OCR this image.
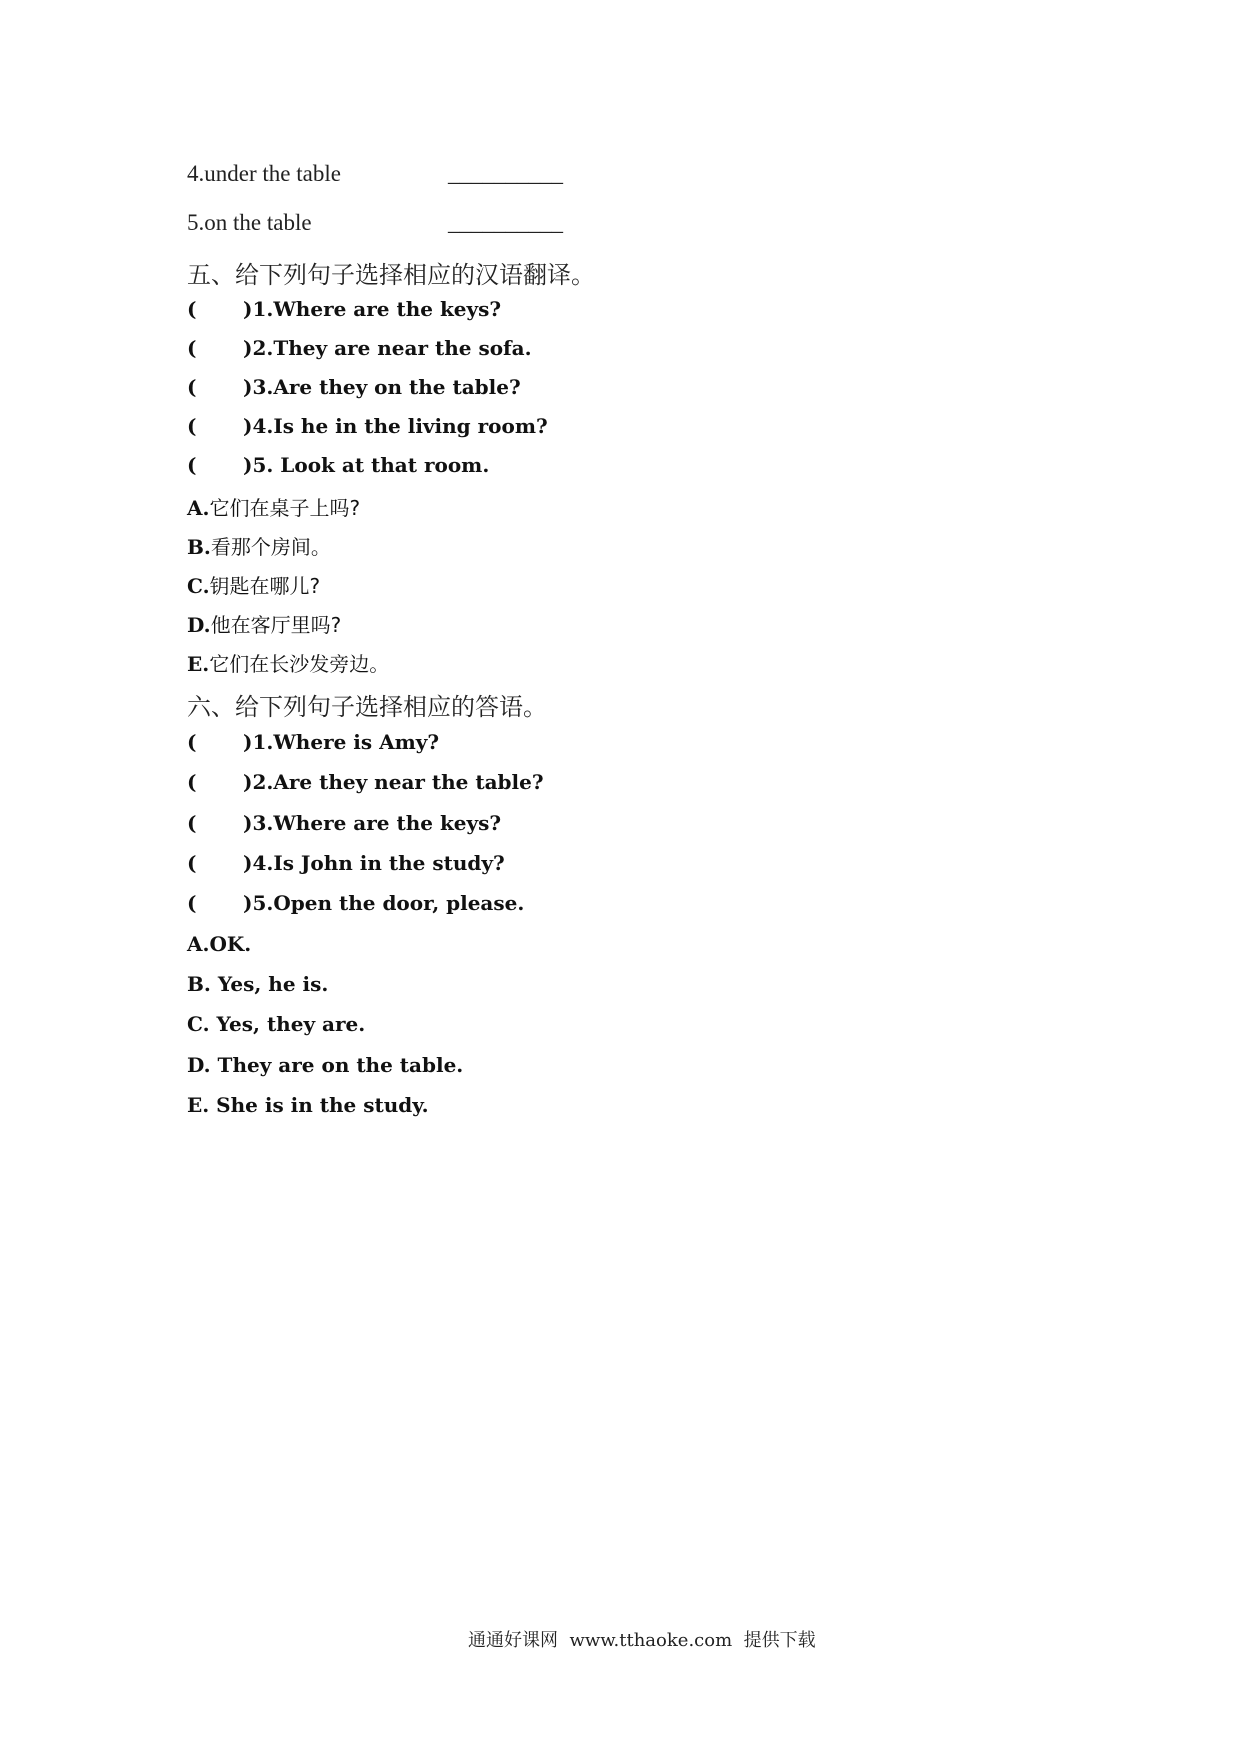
4.under the table	__________
5.on the table	__________
五、给下列句子选择相应的汉语翻译。
( )1.Where are the keys?
( )2.They are near the sofa.
( )3.Are they on the table?
( )4.Is he in the living room?
( )5. Look at that room.
A.它们在桌子上吗?
B.看那个房间。
C.钥匙在哪儿?
D.他在客厅里吗?
E.它们在长沙发旁边。
六、给下列句子选择相应的答语。
( )1.Where is Amy?
( )2.Are they near the table?
( )3.Where are the keys?
( )4.Is John in the study?
( )5.Open the door, please.
A.OK.
B. Yes, he is.
C. Yes, they are.
D. They are on the table.
E. She is in the study.
通通好课网  www.tthaoke.com  提供下载
